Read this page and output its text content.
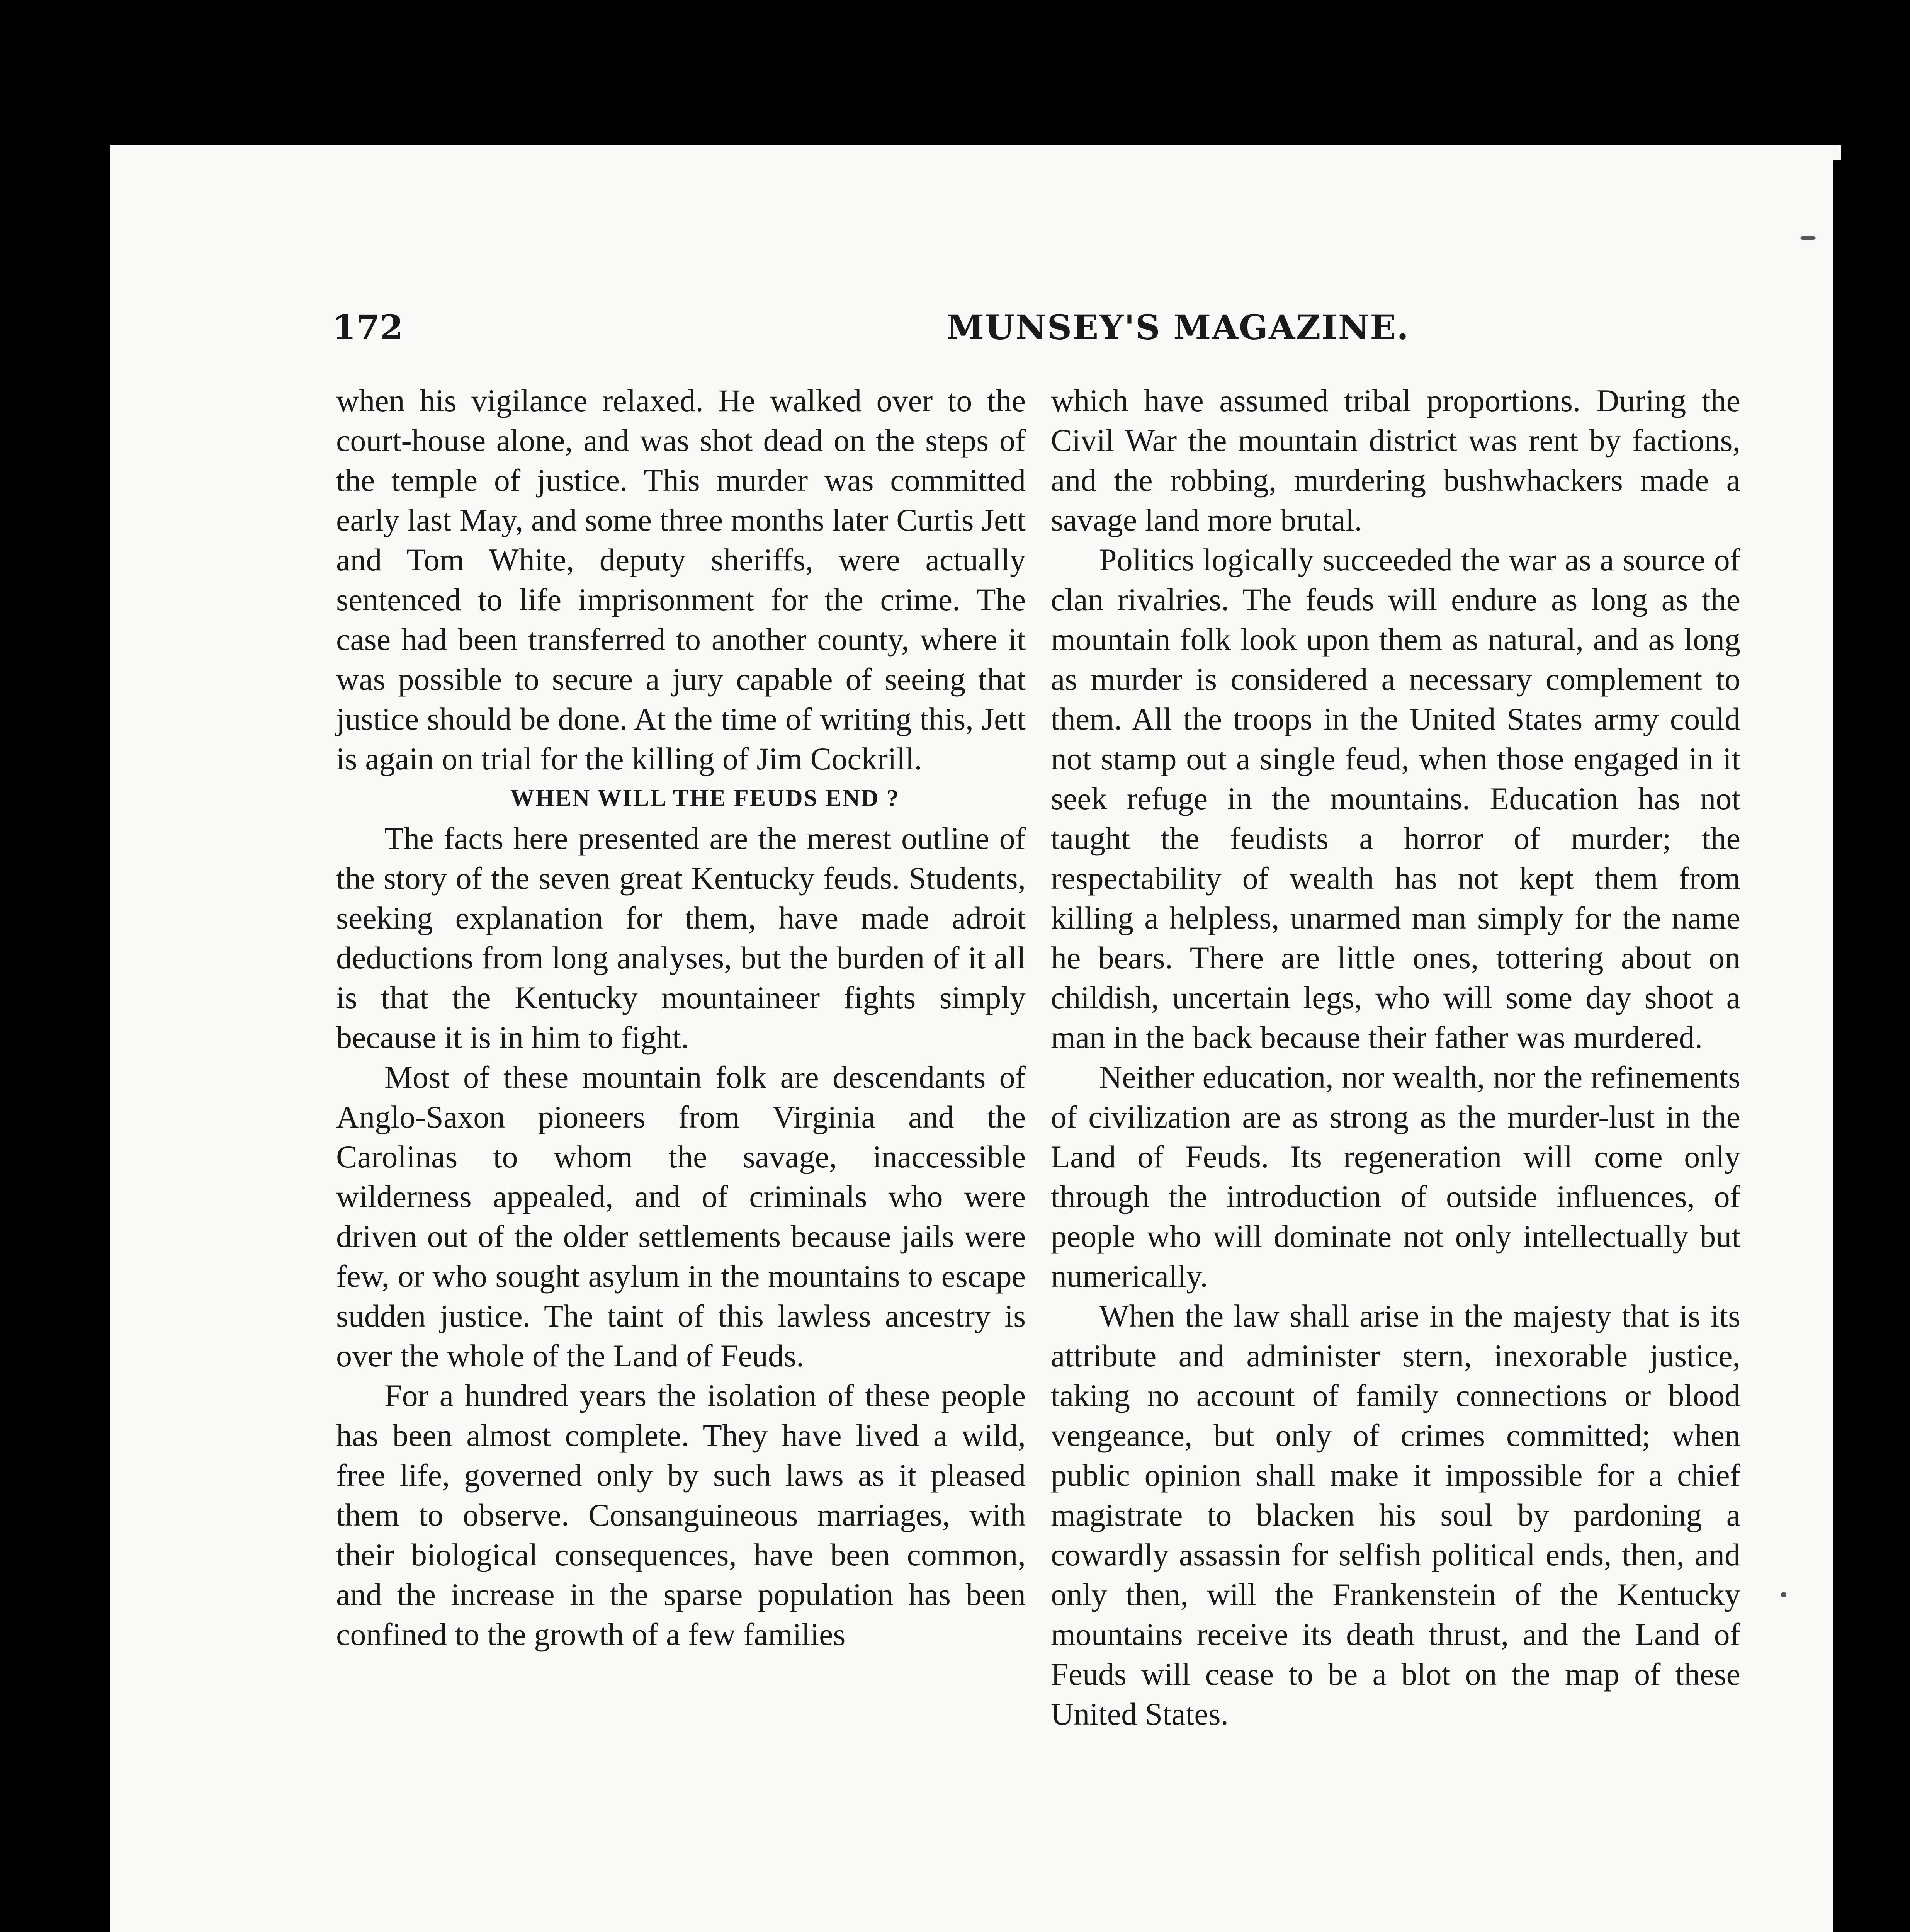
172	MUNSEY'S MAGAZINE.

when his vigilance relaxed. He walked over to the court-house alone, and was shot dead on the steps of the temple of justice. This murder was committed early last May, and some three months later Curtis Jett and Tom White, deputy sheriffs, were actually sentenced to life imprisonment for the crime. The case had been transferred to another county, where it was possible to secure a jury capable of seeing that justice should be done. At the time of writing this, Jett is again on trial for the killing of Jim Cockrill.

WHEN WILL THE FEUDS END ?

The facts here presented are the merest outline of the story of the seven great Kentucky feuds. Students, seeking explanation for them, have made adroit deductions from long analyses, but the burden of it all is that the Kentucky mountaineer fights simply because it is in him to fight.

Most of these mountain folk are descendants of Anglo-Saxon pioneers from Virginia and the Carolinas to whom the savage, inaccessible wilderness appealed, and of criminals who were driven out of the older settlements because jails were few, or who sought asylum in the mountains to escape sudden justice. The taint of this lawless ancestry is over the whole of the Land of Feuds.

For a hundred years the isolation of these people has been almost complete. They have lived a wild, free life, governed only by such laws as it pleased them to observe. Consanguineous marriages, with their biological consequences, have been common, and the increase in the sparse population has been confined to the growth of a few families

which have assumed tribal proportions. During the Civil War the mountain district was rent by factions, and the robbing, murdering bushwhackers made a savage land more brutal.

Politics logically succeeded the war as a source of clan rivalries. The feuds will endure as long as the mountain folk look upon them as natural, and as long as murder is considered a necessary complement to them. All the troops in the United States army could not stamp out a single feud, when those engaged in it seek refuge in the mountains. Education has not taught the feudists a horror of murder; the respectability of wealth has not kept them from killing a helpless, unarmed man simply for the name he bears. There are little ones, tottering about on childish, uncertain legs, who will some day shoot a man in the back because their father was murdered.

Neither education, nor wealth, nor the refinements of civilization are as strong as the murder-lust in the Land of Feuds. Its regeneration will come only through the introduction of outside influences, of people who will dominate not only intellectually but numerically.

When the law shall arise in the majesty that is its attribute and administer stern, inexorable justice, taking no account of family connections or blood vengeance, but only of crimes committed; when public opinion shall make it impossible for a chief magistrate to blacken his soul by pardoning a cowardly assassin for selfish political ends, then, and only then, will the Frankenstein of the Kentucky mountains receive its death thrust, and the Land of Feuds will cease to be a blot on the map of these United States.
